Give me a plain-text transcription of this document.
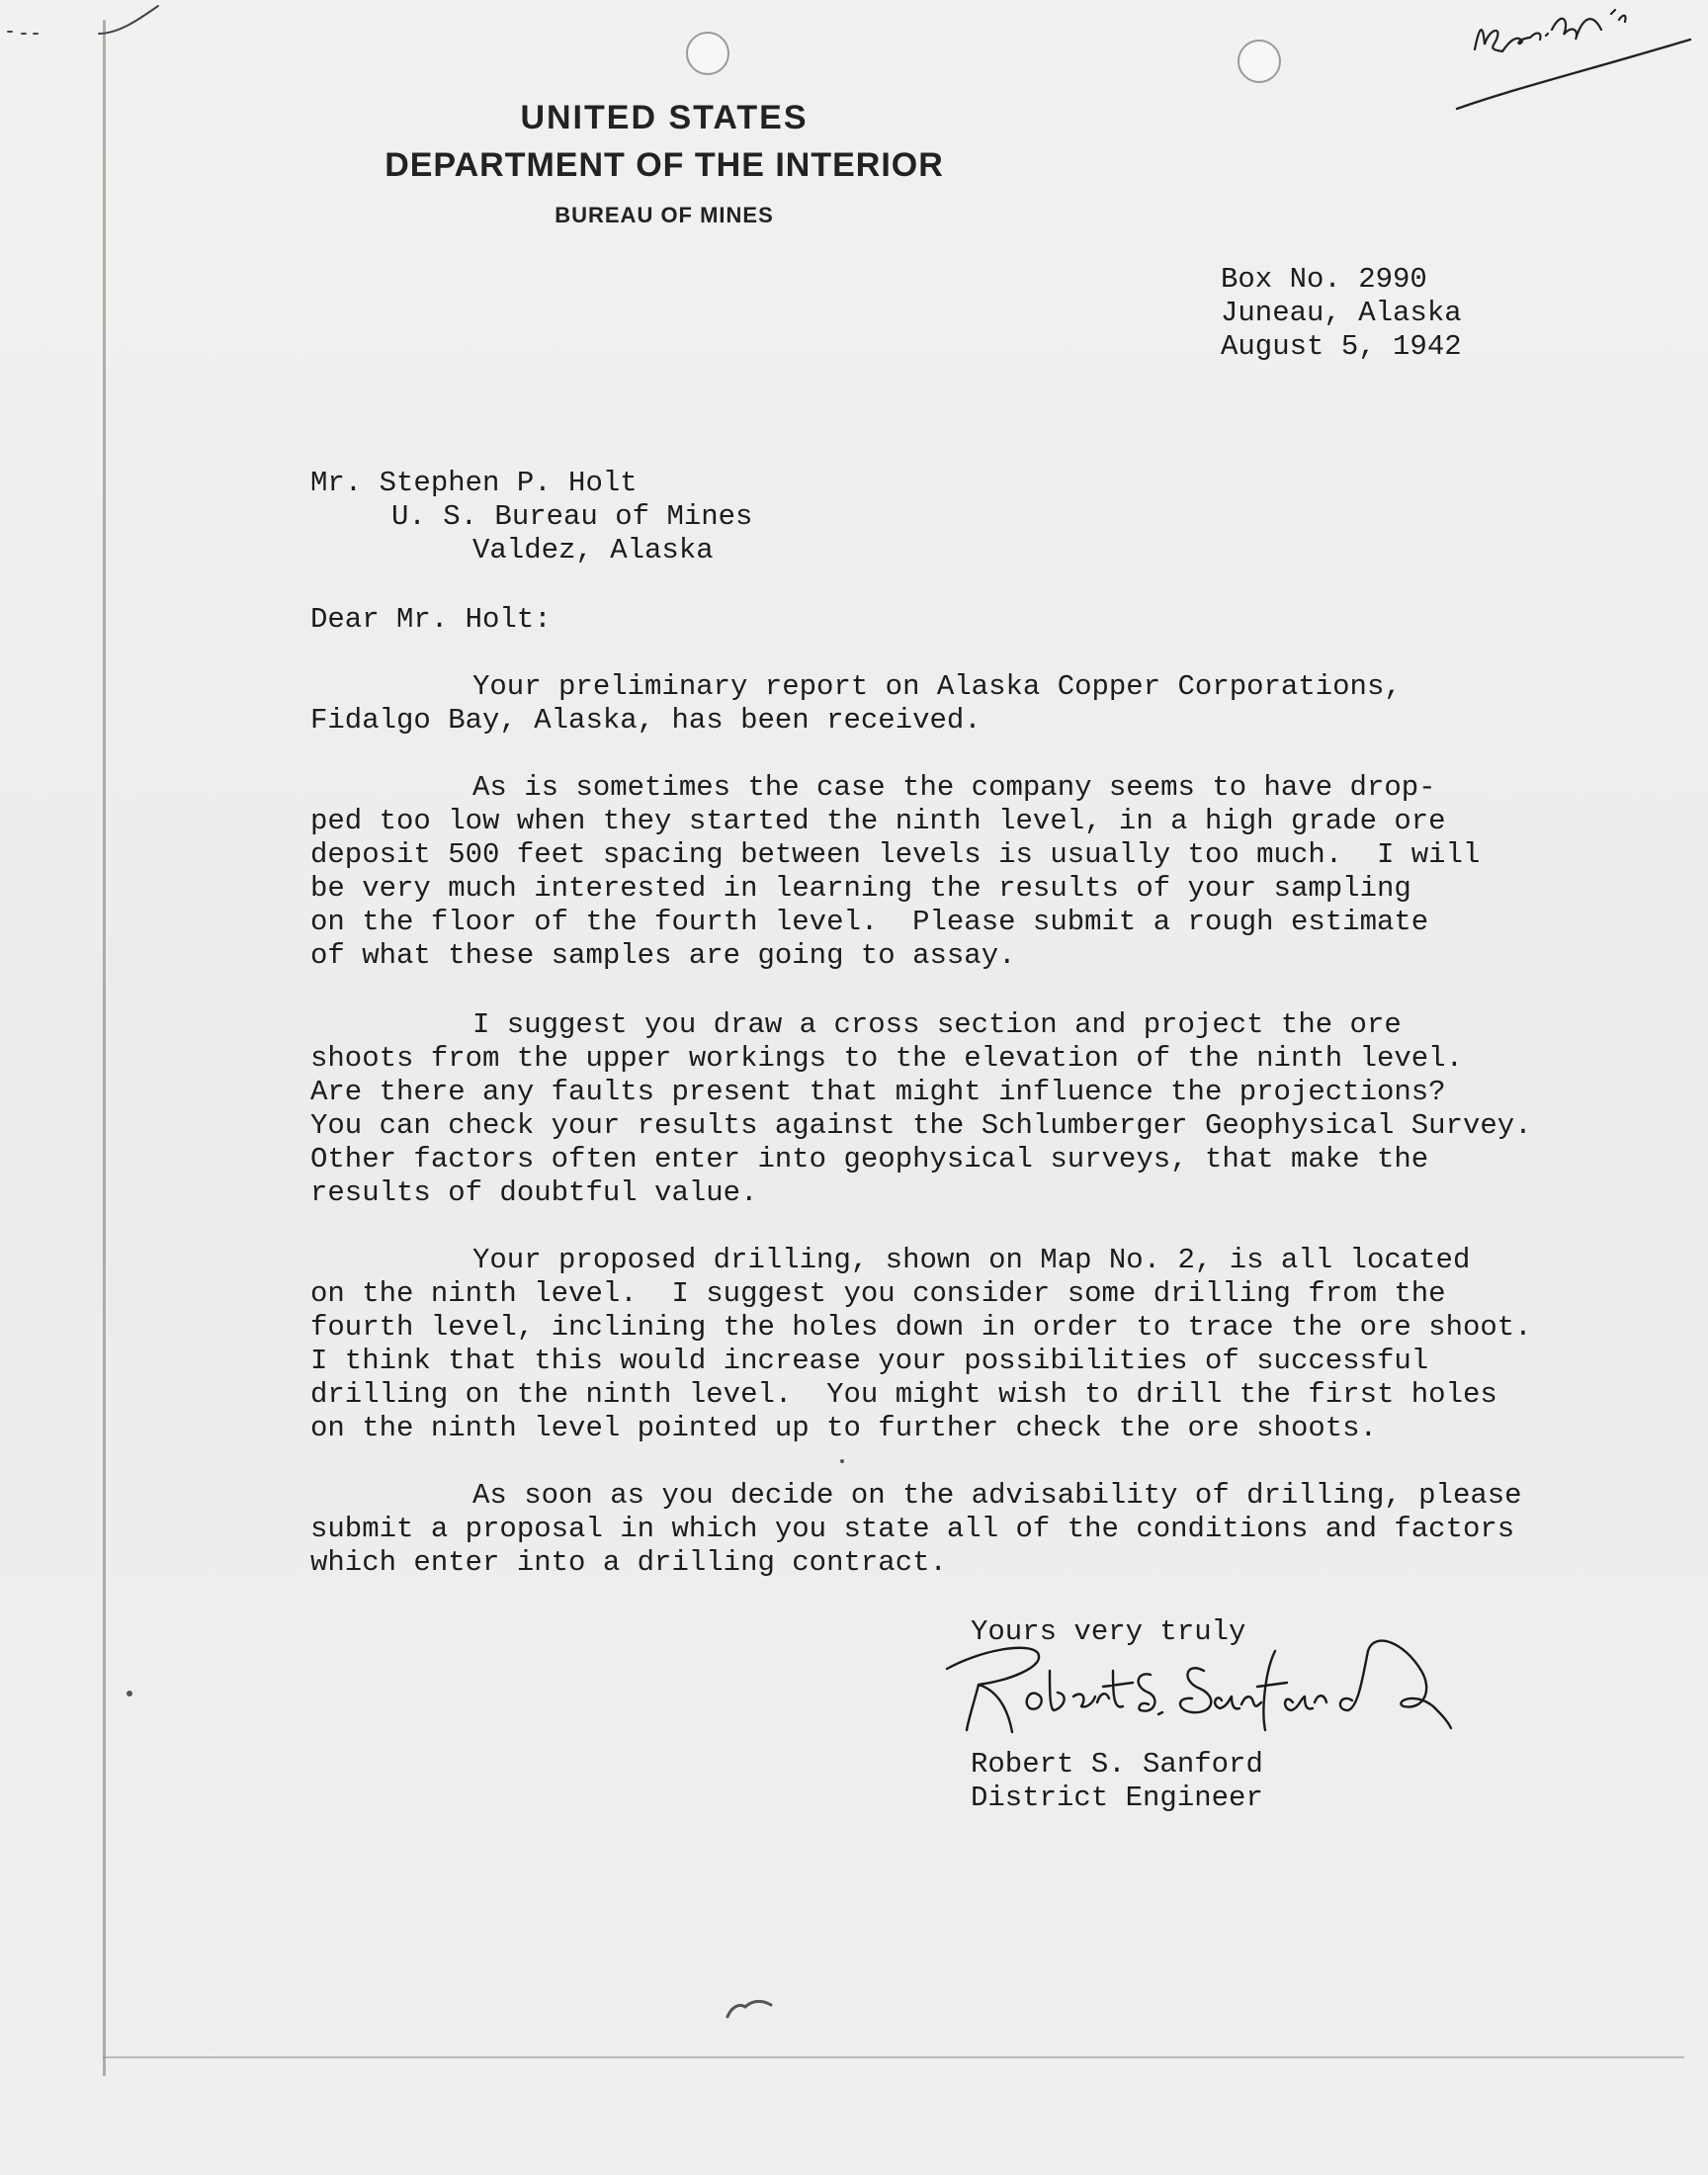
UNITED STATES
DEPARTMENT OF THE INTERIOR
BUREAU OF MINES
Box No. 2990
Juneau, Alaska
August 5, 1942
Mr. Stephen P. Holt
U. S. Bureau of Mines
Valdez, Alaska
Dear Mr. Holt:
Your preliminary report on Alaska Copper Corporations,
Fidalgo Bay, Alaska, has been received.
As is sometimes the case the company seems to have drop-
ped too low when they started the ninth level, in a high grade ore
deposit 500 feet spacing between levels is usually too much.  I will
be very much interested in learning the results of your sampling
on the floor of the fourth level.  Please submit a rough estimate
of what these samples are going to assay.
I suggest you draw a cross section and project the ore
shoots from the upper workings to the elevation of the ninth level.
Are there any faults present that might influence the projections?
You can check your results against the Schlumberger Geophysical Survey.
Other factors often enter into geophysical surveys, that make the
results of doubtful value.
Your proposed drilling, shown on Map No. 2, is all located
on the ninth level.  I suggest you consider some drilling from the
fourth level, inclining the holes down in order to trace the ore shoot.
I think that this would increase your possibilities of successful
drilling on the ninth level.  You might wish to drill the first holes
on the ninth level pointed up to further check the ore shoots.
As soon as you decide on the advisability of drilling, please
submit a proposal in which you state all of the conditions and factors
which enter into a drilling contract.
Yours very truly
Robert S. Sanford
District Engineer
